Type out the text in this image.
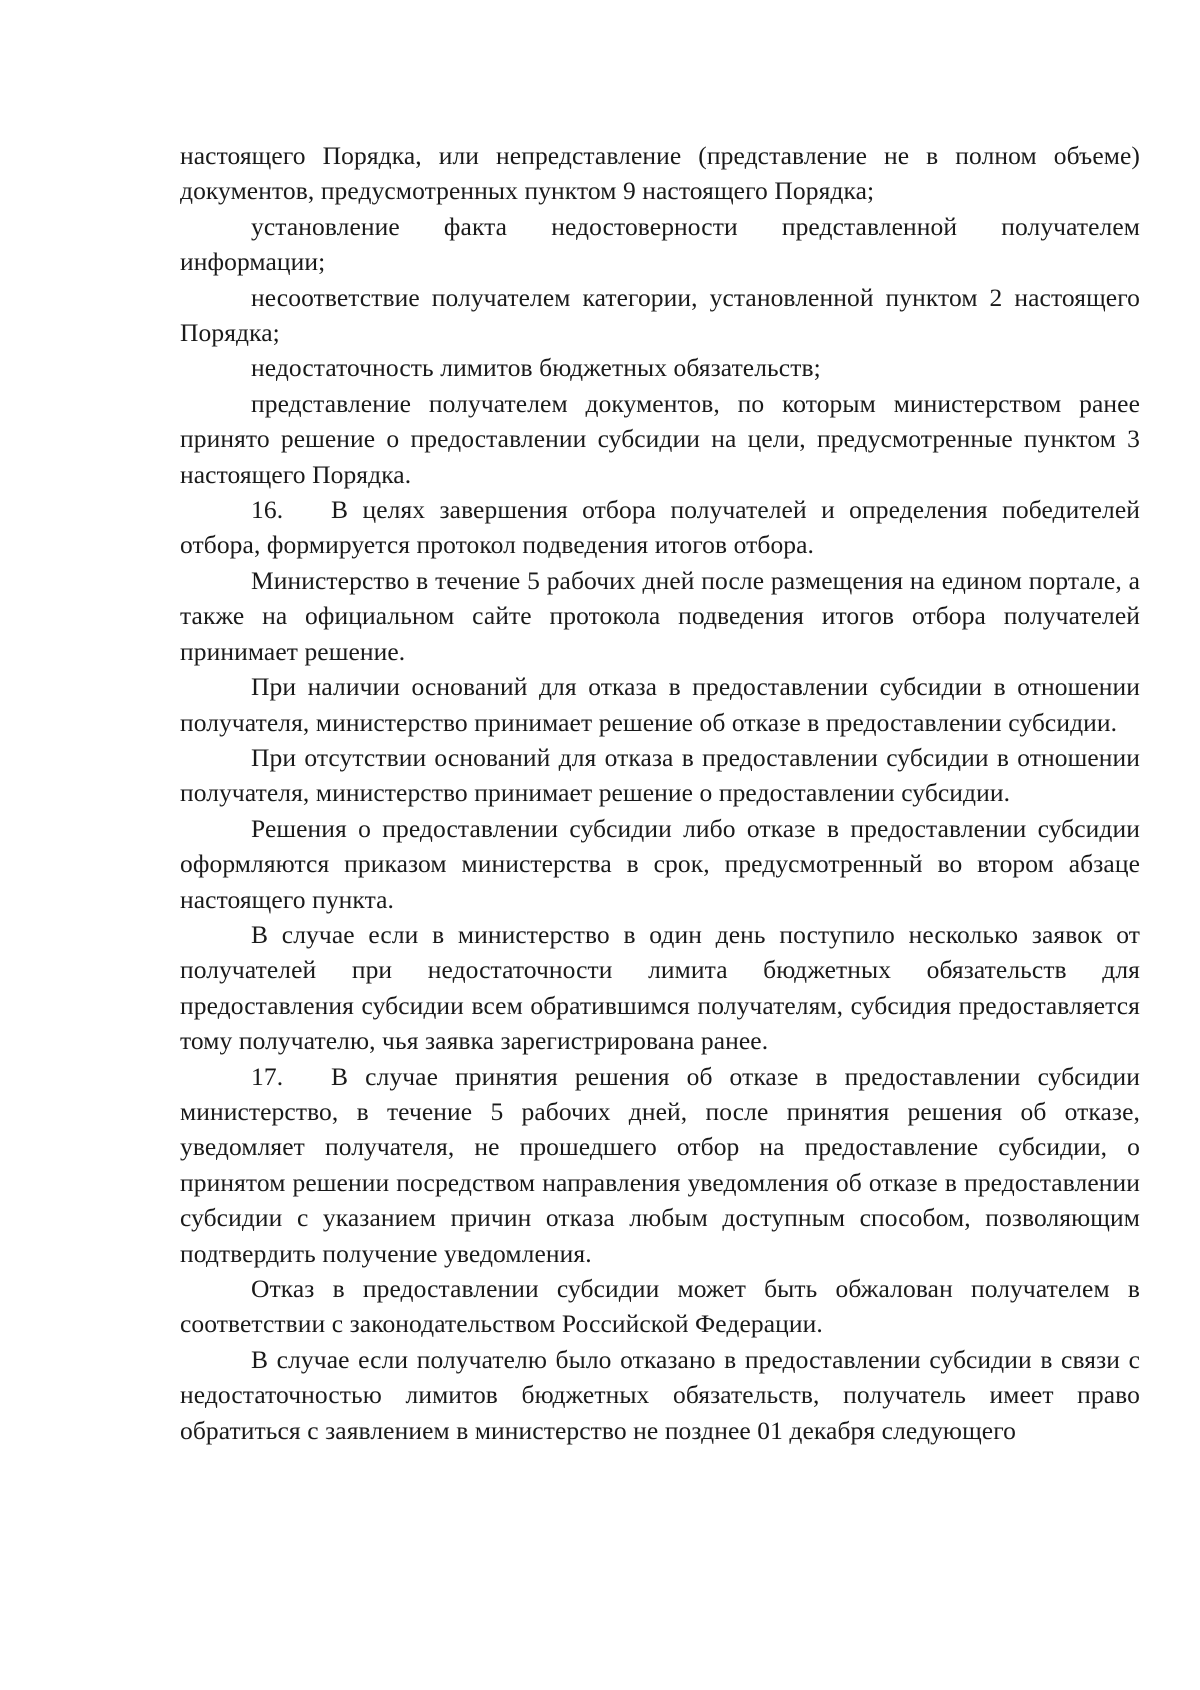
настоящего Порядка, или непредставление (представление не в полном объеме) документов, предусмотренных пунктом 9 настоящего Порядка;

установление факта недостоверности представленной получателем информации;

несоответствие получателем категории, установленной пунктом 2 настоящего Порядка;

недостаточность лимитов бюджетных обязательств;

представление получателем документов, по которым министерством ранее принято решение о предоставлении субсидии на цели, предусмотренные пунктом 3 настоящего Порядка.

16. В целях завершения отбора получателей и определения победителей отбора, формируется протокол подведения итогов отбора.

Министерство в течение 5 рабочих дней после размещения на едином портале, а также на официальном сайте протокола подведения итогов отбора получателей принимает решение.

При наличии оснований для отказа в предоставлении субсидии в отношении получателя, министерство принимает решение об отказе в предоставлении субсидии.

При отсутствии оснований для отказа в предоставлении субсидии в отношении получателя, министерство принимает решение о предоставлении субсидии.

Решения о предоставлении субсидии либо отказе в предоставлении субсидии оформляются приказом министерства в срок, предусмотренный во втором абзаце настоящего пункта.

В случае если в министерство в один день поступило несколько заявок от получателей при недостаточности лимита бюджетных обязательств для предоставления субсидии всем обратившимся получателям, субсидия предоставляется тому получателю, чья заявка зарегистрирована ранее.

17. В случае принятия решения об отказе в предоставлении субсидии министерство, в течение 5 рабочих дней, после принятия решения об отказе, уведомляет получателя, не прошедшего отбор на предоставление субсидии, о принятом решении посредством направления уведомления об отказе в предоставлении субсидии с указанием причин отказа любым доступным способом, позволяющим подтвердить получение уведомления.

Отказ в предоставлении субсидии может быть обжалован получателем в соответствии с законодательством Российской Федерации.

В случае если получателю было отказано в предоставлении субсидии в связи с недостаточностью лимитов бюджетных обязательств, получатель имеет право обратиться с заявлением в министерство не позднее 01 декабря следующего
